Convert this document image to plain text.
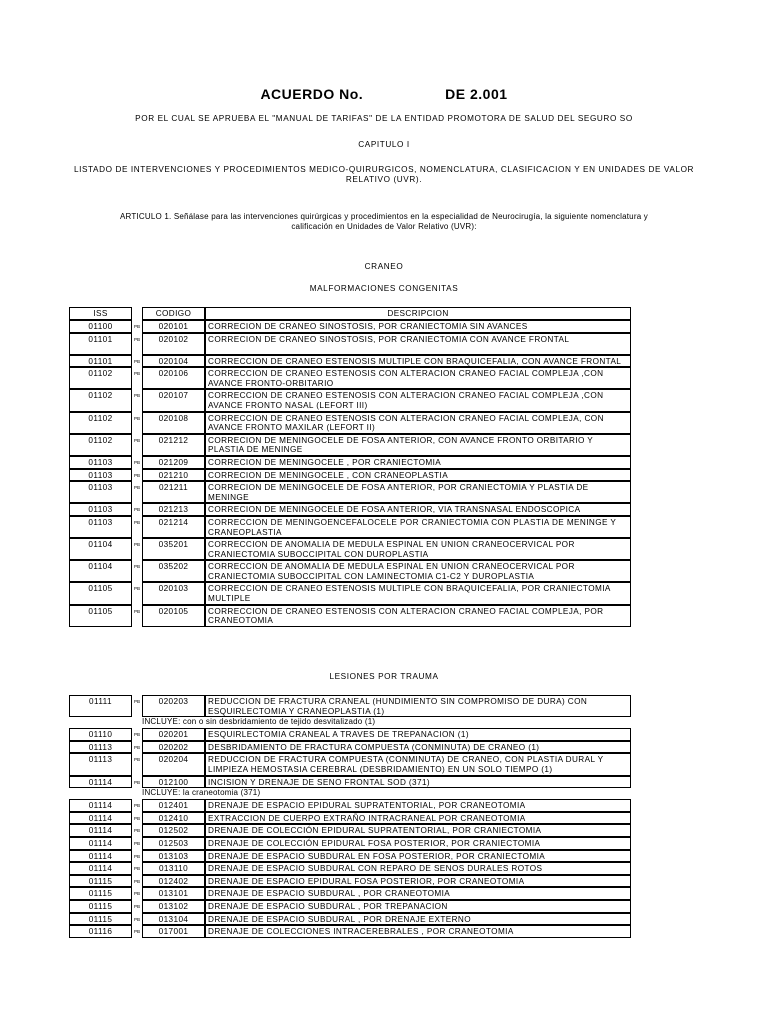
ACUERDO No.	DE 2.001
POR EL CUAL SE APRUEBA EL "MANUAL DE TARIFAS" DE LA ENTIDAD PROMOTORA DE SALUD DEL SEGURO SO
CAPITULO I
LISTADO DE INTERVENCIONES Y PROCEDIMIENTOS MEDICO-QUIRURGICOS, NOMENCLATURA, CLASIFICACION Y EN UNIDADES DE VALOR RELATIVO (UVR).
ARTICULO 1. Señálase para las intervenciones quirúrgicas y procedimientos en la especialidad de Neurocirugía, la siguiente nomenclatura y calificación en Unidades de Valor Relativo (UVR):
CRANEO
MALFORMACIONES CONGENITAS
ISS		CODIGO	DESCRIPCION
01100	PB	020101	CORRECION DE CRANEO SINOSTOSIS, POR CRANIECTOMIA SIN AVANCES
01101	PB	020102	CORRECION DE CRANEO SINOSTOSIS, POR CRANIECTOMIA CON AVANCE FRONTAL
01101	PB	020104	CORRECCION DE CRANEO ESTENOSIS MULTIPLE CON BRAQUICEFALIA, CON AVANCE FRONTAL
01102	PB	020106	CORRECCION DE CRANEO ESTENOSIS CON ALTERACION CRANEO FACIAL COMPLEJA ,CON AVANCE FRONTO-ORBITARIO
01102	PB	020107	CORRECCION DE CRANEO ESTENOSIS CON ALTERACION CRANEO FACIAL COMPLEJA ,CON AVANCE FRONTO NASAL (LEFORT III)
01102	PB	020108	CORRECCION DE CRANEO ESTENOSIS CON ALTERACION CRANEO FACIAL COMPLEJA, CON AVANCE FRONTO MAXILAR (LEFORT II)
01102	PB	021212	CORRECION DE MENINGOCELE DE FOSA ANTERIOR, CON AVANCE FRONTO ORBITARIO Y PLASTIA DE MENINGE
01103	PB	021209	CORRECION DE MENINGOCELE , POR CRANIECTOMIA
01103	PB	021210	CORRECION DE MENINGOCELE , CON CRANEOPLASTIA
01103	PB	021211	CORRECION DE MENINGOCELE DE FOSA ANTERIOR, POR CRANIECTOMIA Y PLASTIA DE MENINGE
01103	PB	021213	CORRECION DE MENINGOCELE DE FOSA ANTERIOR, VIA TRANSNASAL ENDOSCOPICA
01103	PB	021214	CORRECCION DE MENINGOENCEFALOCELE POR CRANIECTOMIA CON PLASTIA DE MENINGE Y CRANEOPLASTIA
01104	PB	035201	CORRECCION DE ANOMALIA DE MEDULA ESPINAL EN UNION CRANEOCERVICAL POR CRANIECTOMIA SUBOCCIPITAL CON DUROPLASTIA
01104	PB	035202	CORRECCION DE ANOMALIA DE MEDULA ESPINAL EN UNION CRANEOCERVICAL POR CRANIECTOMIA SUBOCCIPITAL CON LAMINECTOMIA C1-C2 Y DUROPLASTIA
01105	PB	020103	CORRECCION DE CRANEO ESTENOSIS MULTIPLE CON BRAQUICEFALIA, POR CRANIECTOMIA MULTIPLE
01105	PB	020105	CORRECCION DE CRANEO ESTENOSIS CON ALTERACION CRANEO FACIAL COMPLEJA, POR CRANEOTOMIA
LESIONES POR TRAUMA
01111	PB	020203	REDUCCION DE FRACTURA CRANEAL (HUNDIMIENTO SIN COMPROMISO DE DURA) CON ESQUIRLECTOMIA Y CRANEOPLASTIA (1)
		INCLUYE: con o sin desbridamiento de tejido desvitalizado (1)	
01110	PB	020201	ESQUIRLECTOMIA CRANEAL A TRAVES DE TREPANACION (1)
01113	PB	020202	DESBRIDAMIENTO DE FRACTURA COMPUESTA (CONMINUTA) DE CRANEO (1)
01113	PB	020204	REDUCCION DE FRACTURA COMPUESTA (CONMINUTA) DE CRANEO, CON PLASTIA DURAL Y LIMPIEZA HEMOSTASIA CEREBRAL (DESBRIDAMIENTO) EN UN SOLO TIEMPO (1)
01114	PB	012100	INCISION Y DRENAJE DE SENO FRONTAL SOD (371)
		INCLUYE: la craneotomia (371)	
01114	PB	012401	DRENAJE DE ESPACIO EPIDURAL SUPRATENTORIAL, POR CRANEOTOMIA
01114	PB	012410	EXTRACCION DE CUERPO EXTRAÑO INTRACRANEAL POR CRANEOTOMIA
01114	PB	012502	DRENAJE DE COLECCIÓN EPIDURAL SUPRATENTORIAL, POR CRANIECTOMIA
01114	PB	012503	DRENAJE DE COLECCIÓN EPIDURAL FOSA POSTERIOR, POR CRANIECTOMIA
01114	PB	013103	DRENAJE DE ESPACIO SUBDURAL EN FOSA POSTERIOR, POR CRANIECTOMIA
01114	PB	013110	DRENAJE DE ESPACIO SUBDURAL CON REPARO DE SENOS DURALES ROTOS
01115	PB	012402	DRENAJE DE ESPACIO EPIDURAL FOSA POSTERIOR, POR CRANEOTOMIA
01115	PB	013101	DRENAJE DE ESPACIO SUBDURAL , POR CRANEOTOMIA
01115	PB	013102	DRENAJE DE ESPACIO SUBDURAL , POR TREPANACION
01115	PB	013104	DRENAJE DE ESPACIO SUBDURAL , POR DRENAJE EXTERNO
01116	PB	017001	DRENAJE DE COLECCIONES INTRACEREBRALES , POR CRANEOTOMIA
